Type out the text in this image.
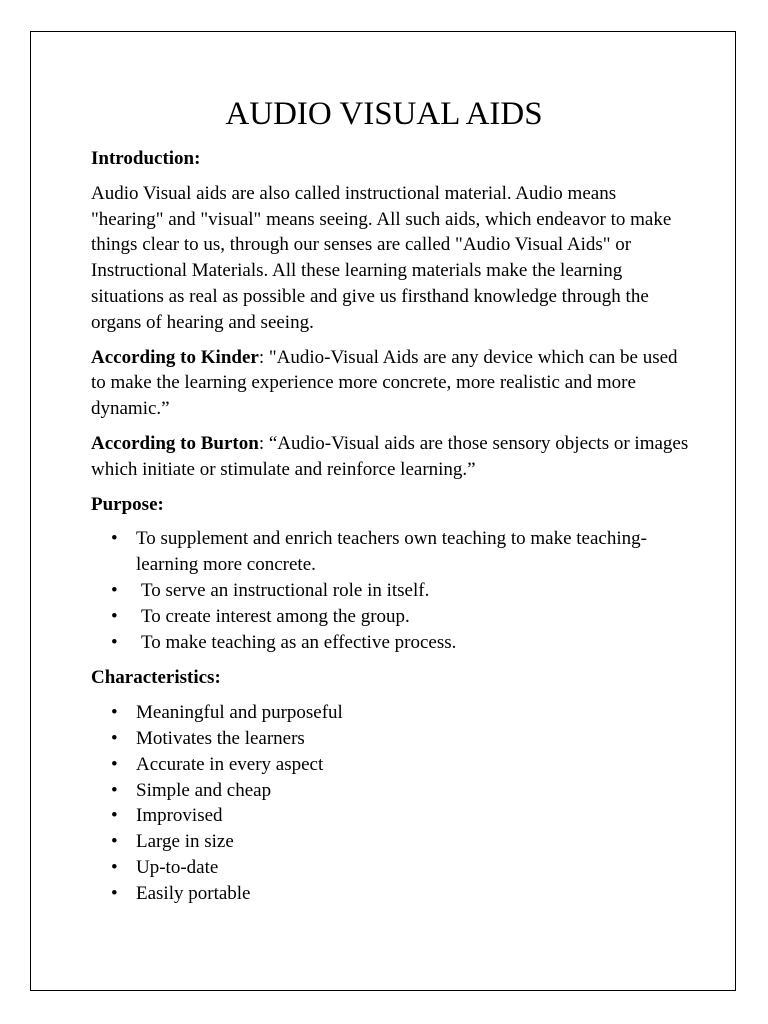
AUDIO VISUAL AIDS
Introduction:

Audio Visual aids are also called instructional material. Audio means "hearing" and "visual" means seeing. All such aids, which endeavor to make things clear to us, through our senses are called "Audio Visual Aids" or Instructional Materials. All these learning materials make the learning situations as real as possible and give us firsthand knowledge through the organs of hearing and seeing.

According to Kinder: "Audio-Visual Aids are any device which can be used to make the learning experience more concrete, more realistic and more dynamic.”

According to Burton: “Audio-Visual aids are those sensory objects or images which initiate or stimulate and reinforce learning.”

Purpose:
• To supplement and enrich teachers own teaching to make teaching-learning more concrete.
• To serve an instructional role in itself.
• To create interest among the group.
• To make teaching as an effective process.
Characteristics:
• Meaningful and purposeful
• Motivates the learners
• Accurate in every aspect
• Simple and cheap
• Improvised
• Large in size
• Up-to-date
• Easily portable
